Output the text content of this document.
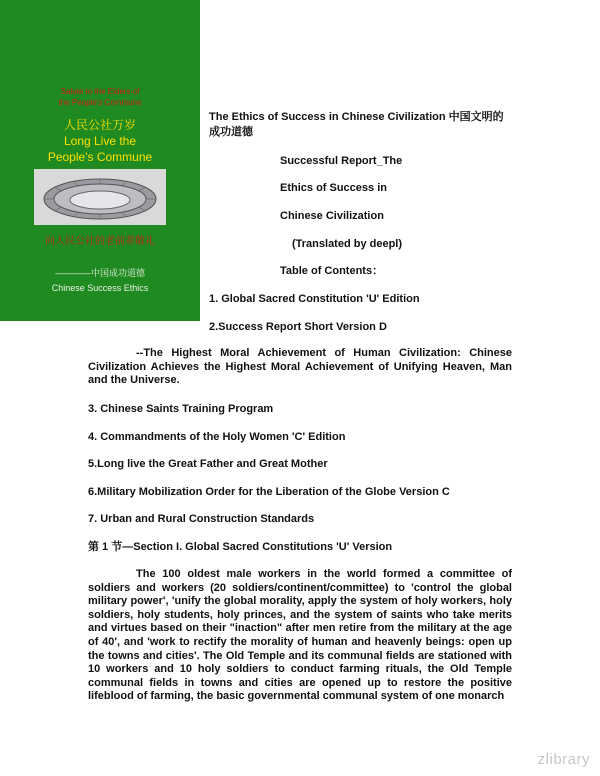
Salute to the Elders of
the People's Commune
人民公社万岁
Long Live the
People's Commune
向人民公社的老前辈敬礼
————中国成功道德
Chinese Success Ethics

The Ethics of Success in Chinese Civilization 中国文明的成功道德

Successful Report_The

Ethics of Success in

Chinese Civilization

(Translated by deepl)

Table of Contents：

1. Global Sacred Constitution 'U' Edition

2.Success Report Short Version D

--The Highest Moral Achievement of Human Civilization: Chinese Civilization Achieves the Highest Moral Achievement of Unifying Heaven, Man and the Universe.

3. Chinese Saints Training Program

4. Commandments of the Holy Women 'C' Edition

5.Long live the Great Father and Great Mother

6.Military Mobilization Order for the Liberation of the Globe Version C

7. Urban and Rural Construction Standards

第 1 节—Section I. Global Sacred Constitutions 'U' Version

The 100 oldest male workers in the world formed a committee of soldiers and workers (20 soldiers/continent/committee) to 'control the global military power', 'unify the global morality, apply the system of holy workers, holy soldiers, holy students, holy princes, and the system of saints who take merits and virtues based on their "inaction" after men retire from the military at the age of 40', and 'work to rectify the morality of human and heavenly beings: open up the towns and cities'. The Old Temple and its communal fields are stationed with 10 workers and 10 holy soldiers to conduct farming rituals, the Old Temple communal fields in towns and cities are opened up to restore the positive lifeblood of farming, the basic governmental communal system of one monarch

zlibrary
